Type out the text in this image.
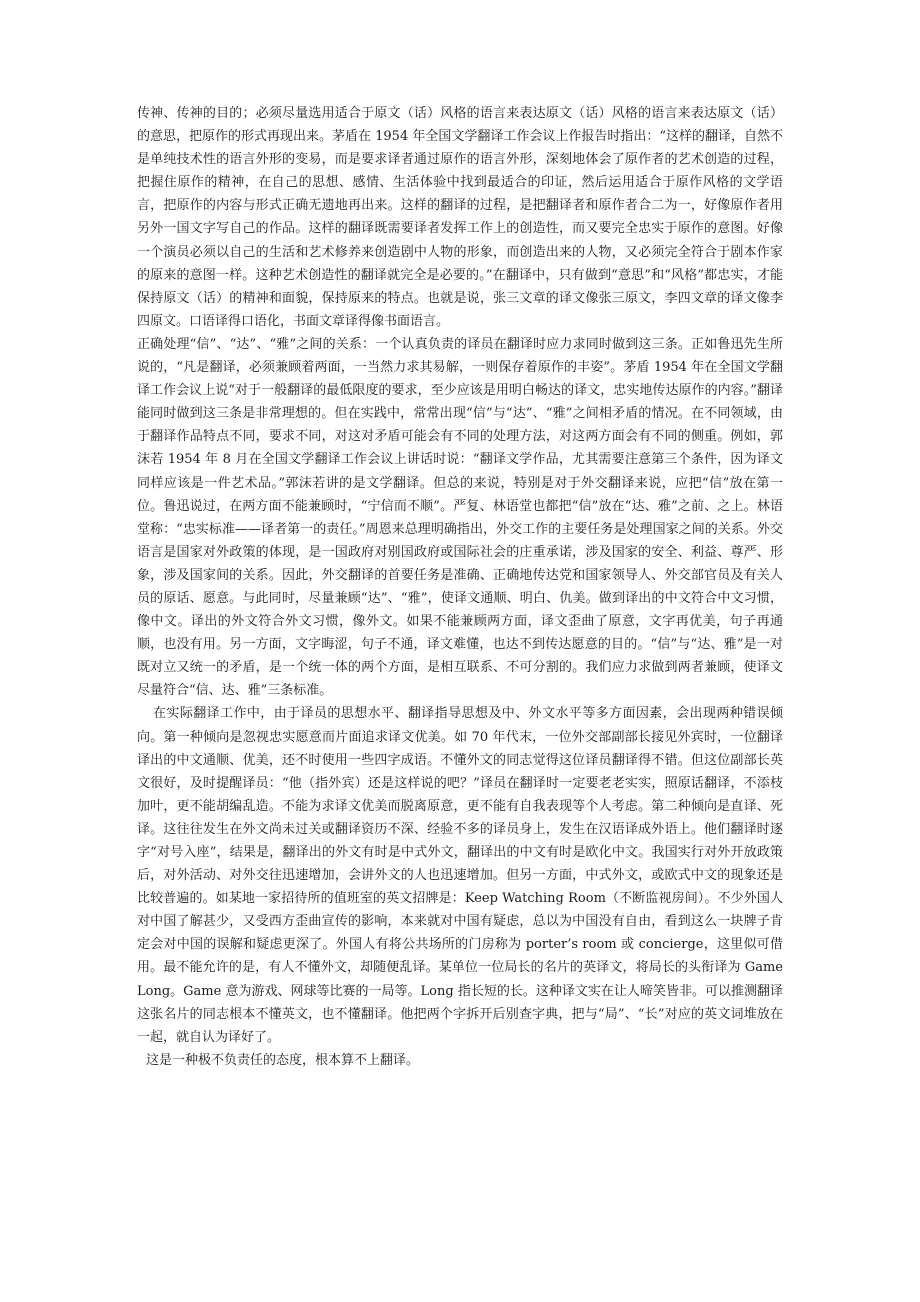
传神、传神的目的；必须尽量选用适合于原文（话）风格的语言来表达原文（话）风格的语言来表达原文（话）的意思，把原作的形式再现出来。茅盾在 1954 年全国文学翻译工作会议上作报告时指出：“这样的翻译，自然不是单纯技术性的语言外形的变易，而是要求译者通过原作的语言外形，深刻地体会了原作者的艺术创造的过程，把握住原作的精神，在自己的思想、感情、生活体验中找到最适合的印证，然后运用适合于原作风格的文学语言，把原作的内容与形式正确无遗地再出来。这样的翻译的过程，是把翻译者和原作者合二为一，好像原作者用另外一国文字写自己的作品。这样的翻译既需要译者发挥工作上的创造性，而又要完全忠实于原作的意图。好像一个演员必须以自己的生活和艺术修养来创造剧中人物的形象，而创造出来的人物，又必须完全符合于剧本作家的原来的意图一样。这种艺术创造性的翻译就完全是必要的。”在翻译中，只有做到“意思”和“风格”都忠实，才能保持原文（话）的精神和面貌，保持原来的特点。也就是说，张三文章的译文像张三原文，李四文章的译文像李四原文。口语译得口语化，书面文章译得像书面语言。

正确处理“信”、“达”、“雅”之间的关系：一个认真负责的译员在翻译时应力求同时做到这三条。正如鲁迅先生所说的，“凡是翻译，必须兼顾着两面，一当然力求其易解，一则保存着原作的丰姿”。茅盾 1954 年在全国文学翻译工作会议上说“对于一般翻译的最低限度的要求，至少应该是用明白畅达的译文，忠实地传达原作的内容。”翻译能同时做到这三条是非常理想的。但在实践中，常常出现“信”与“达”、“雅”之间相矛盾的情况。在不同领域，由于翻译作品特点不同，要求不同，对这对矛盾可能会有不同的处理方法，对这两方面会有不同的侧重。例如，郭沫若 1954 年 8 月在全国文学翻译工作会议上讲话时说：“翻译文学作品，尤其需要注意第三个条件，因为译文同样应该是一件艺术品。”郭沫若讲的是文学翻译。但总的来说，特别是对于外交翻译来说，应把“信”放在第一位。鲁迅说过，在两方面不能兼顾时，“宁信而不顺”。严复、林语堂也都把“信”放在“达、雅”之前、之上。林语堂称：“忠实标准——译者第一的责任。”周恩来总理明确指出，外交工作的主要任务是处理国家之间的关系。外交语言是国家对外政策的体现，是一国政府对别国政府或国际社会的庄重承诺，涉及国家的安全、利益、尊严、形象，涉及国家间的关系。因此，外交翻译的首要任务是准确、正确地传达党和国家领导人、外交部官员及有关人员的原话、愿意。与此同时，尽量兼顾“达”、“雅”，使译文通顺、明白、仇美。做到译出的中文符合中文习惯，像中文。译出的外文符合外文习惯，像外文。如果不能兼顾两方面，译文歪曲了原意，文字再优美，句子再通顺，也没有用。另一方面，文字晦涩，句子不通，译文难懂，也达不到传达愿意的目的。“信”与“达、雅”是一对既对立又统一的矛盾，是一个统一体的两个方面，是相互联系、不可分割的。我们应力求做到两者兼顾，使译文尽量符合“信、达、雅”三条标准。

在实际翻译工作中，由于译员的思想水平、翻译指导思想及中、外文水平等多方面因素，会出现两种错误倾向。第一种倾向是忽视忠实愿意而片面追求译文优美。如 70 年代末，一位外交部副部长接见外宾时，一位翻译译出的中文通顺、优美，还不时使用一些四字成语。不懂外文的同志觉得这位译员翻译得不错。但这位副部长英文很好，及时提醒译员：“他（指外宾）还是这样说的吧？”译员在翻译时一定要老老实实，照原话翻译，不添枝加叶，更不能胡编乱造。不能为求译文优美而脱离原意，更不能有自我表现等个人考虑。第二种倾向是直译、死译。这往往发生在外文尚未过关或翻译资历不深、经验不多的译员身上，发生在汉语译成外语上。他们翻译时逐字“对号入座”，结果是，翻译出的外文有时是中式外文，翻译出的中文有时是欧化中文。我国实行对外开放政策后，对外活动、对外交往迅速增加，会讲外文的人也迅速增加。但另一方面，中式外文，或欧式中文的现象还是比较普遍的。如某地一家招待所的值班室的英文招牌是：Keep Watching Room（不断监视房间）。不少外国人对中国了解甚少，又受西方歪曲宣传的影响，本来就对中国有疑虑，总以为中国没有自由，看到这么一块牌子肯定会对中国的误解和疑虑更深了。外国人有将公共场所的门房称为 porter’s room 或 concierge，这里似可借用。最不能允许的是，有人不懂外文，却随便乱译。某单位一位局长的名片的英译文，将局长的头衔译为 Game Long。Game 意为游戏、网球等比赛的一局等。Long 指长短的长。这种译文实在让人啼笑皆非。可以推测翻译这张名片的同志根本不懂英文，也不懂翻译。他把两个字拆开后别查字典，把与“局”、“长”对应的英文词堆放在一起，就自认为译好了。

这是一种极不负责任的态度，根本算不上翻译。
